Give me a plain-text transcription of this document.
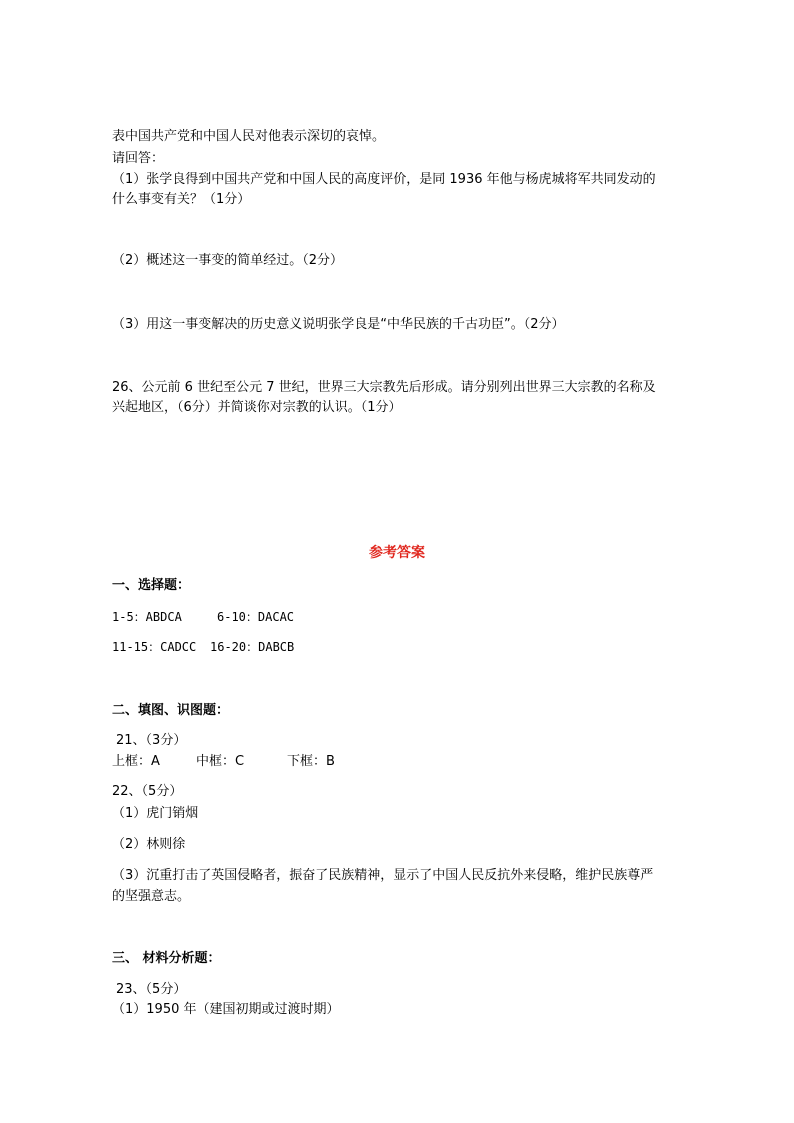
表中国共产党和中国人民对他表示深切的哀悼。
请回答：
（1）张学良得到中国共产党和中国人民的高度评价，是同 1936 年他与杨虎城将军共同发动的
什么事变有关？（1分）
（2）概述这一事变的简单经过。（2分）
（3）用这一事变解决的历史意义说明张学良是“中华民族的千古功臣”。（2分）
26、公元前 6 世纪至公元 7 世纪，世界三大宗教先后形成。请分别列出世界三大宗教的名称及
兴起地区，（6分）并简谈你对宗教的认识。（1分）
参考答案
一、选择题：
1-5：ABDCA	6-10：DACAC
11-15：CADCC 16-20：DABCB
二、填图、识图题：
21、（3分）
上框：A	中框：C	下框：B
22、（5分）
（1）虎门销烟
（2）林则徐
（3）沉重打击了英国侵略者，振奋了民族精神，显示了中国人民反抗外来侵略，维护民族尊严
的坚强意志。
三、 材料分析题：
23、（5分）
（1）1950 年（建国初期或过渡时期）
